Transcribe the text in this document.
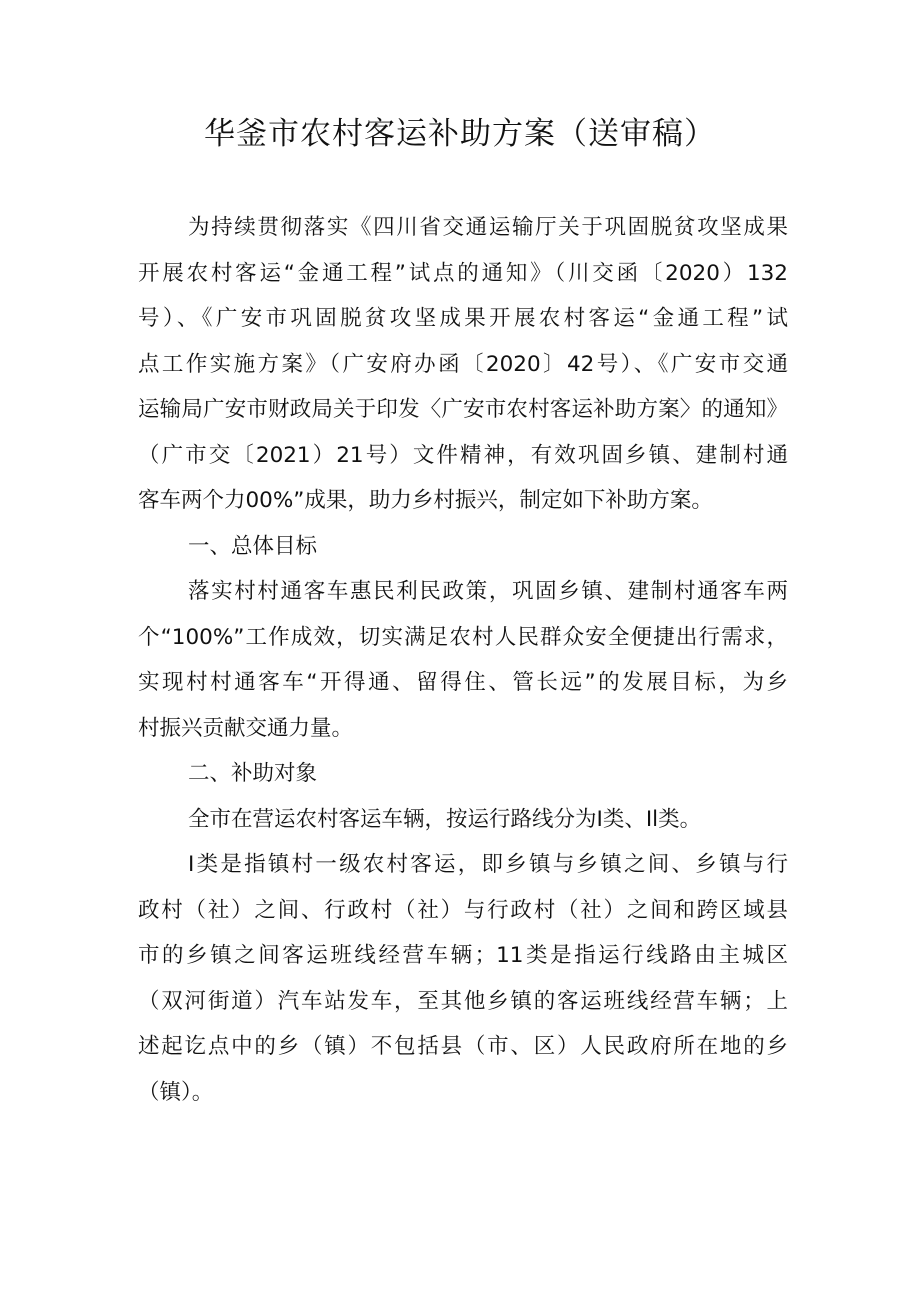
华釜市农村客运补助方案（送审稿）
为持续贯彻落实《四川省交通运输厅关于巩固脱贫攻坚成果
开展农村客运“金通工程”试点的通知》（川交函〔2020）132
号）、《广安市巩固脱贫攻坚成果开展农村客运“金通工程”试
点工作实施方案》（广安府办函〔2020〕42号）、《广安市交通
运输局广安市财政局关于印发〈广安市农村客运补助方案〉的通知》
（广市交〔2021）21号）文件精神，有效巩固乡镇、建制村通
客车两个力00%”成果，助力乡村振兴，制定如下补助方案。
一、总体目标
落实村村通客车惠民利民政策，巩固乡镇、建制村通客车两
个“100%”工作成效，切实满足农村人民群众安全便捷出行需求，
实现村村通客车“开得通、留得住、管长远”的发展目标，为乡
村振兴贡献交通力量。
二、补助对象
全市在营运农村客运车辆，按运行路线分为I类、Il类。
I类是指镇村一级农村客运，即乡镇与乡镇之间、乡镇与行
政村（社）之间、行政村（社）与行政村（社）之间和跨区域县
市的乡镇之间客运班线经营车辆；11类是指运行线路由主城区
（双河街道）汽车站发车，至其他乡镇的客运班线经营车辆；上
述起讫点中的乡（镇）不包括县（市、区）人民政府所在地的乡
（镇）。
